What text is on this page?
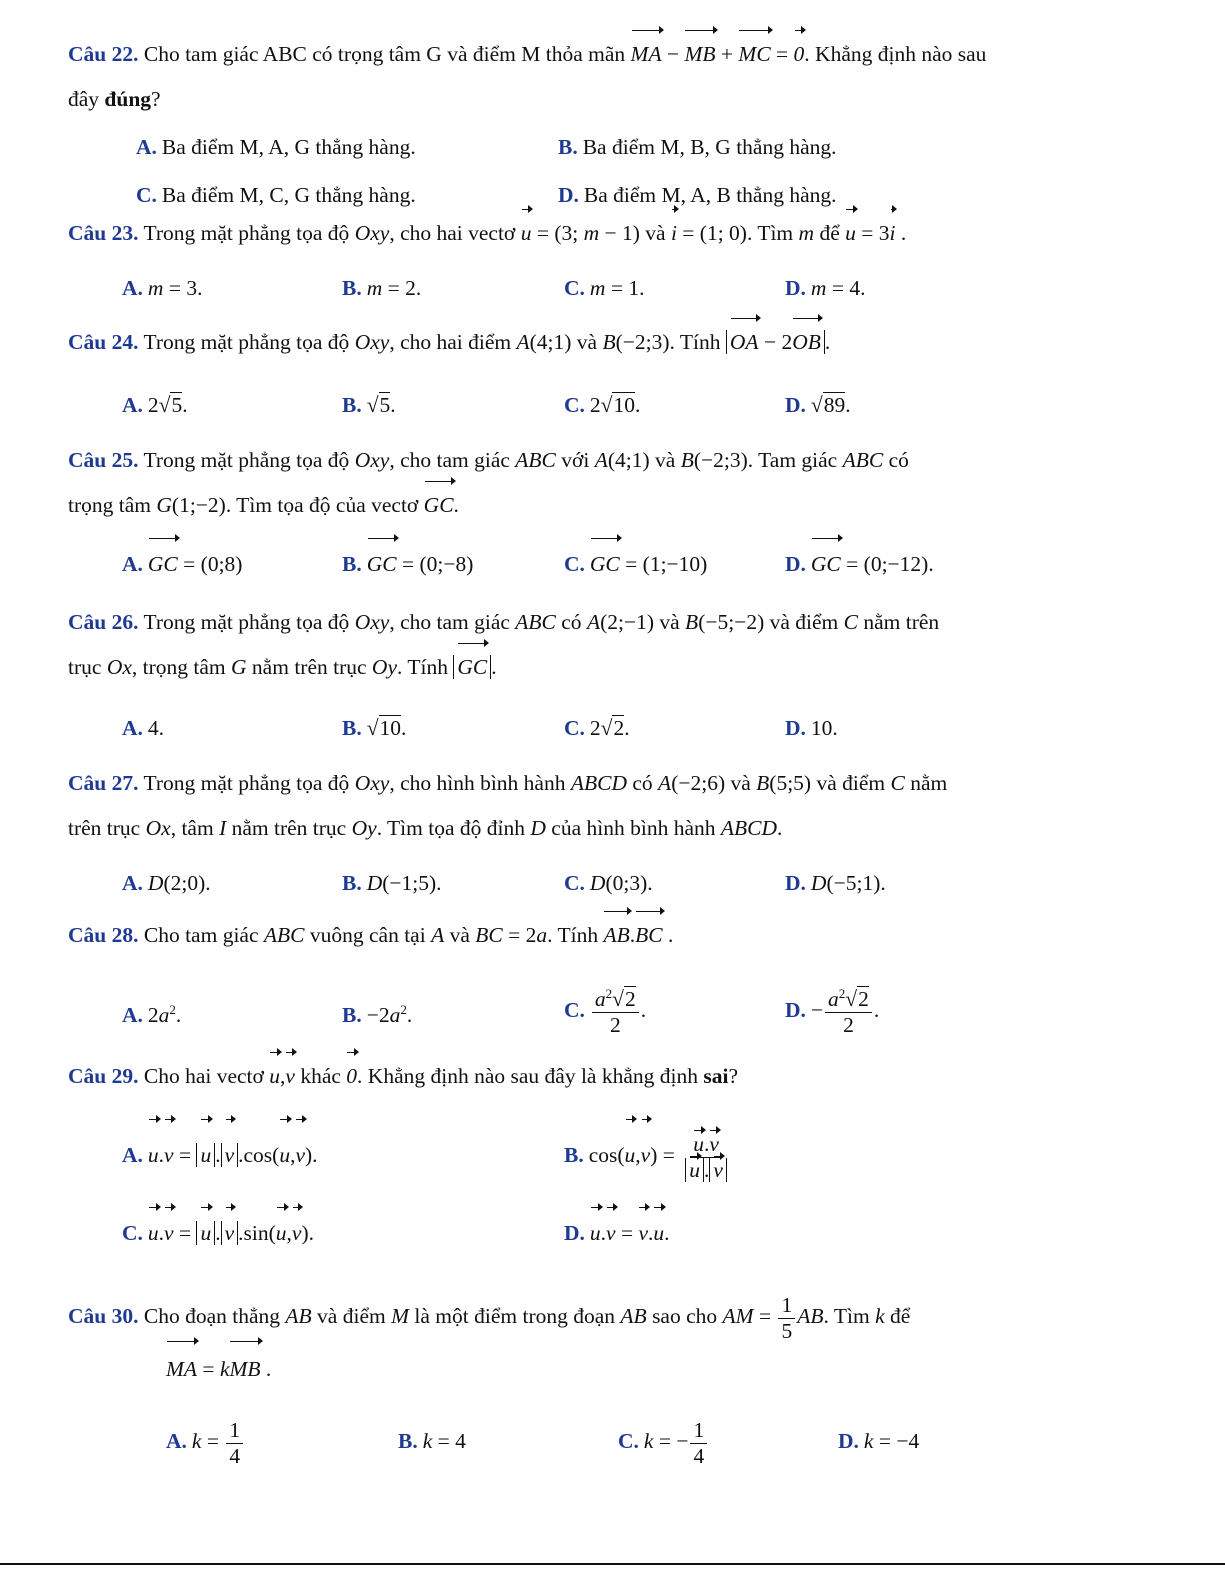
Câu 22. Cho tam giác ABC có trọng tâm G và điểm M thỏa mãn MA − MB + MC = 0. Khẳng định nào sau
đây đúng?
A. Ba điểm M, A, G thẳng hàng.	B. Ba điểm M, B, G thẳng hàng.
C. Ba điểm M, C, G thẳng hàng.	D. Ba điểm M, A, B thẳng hàng.
Câu 23. Trong mặt phẳng tọa độ Oxy, cho hai vectơ u = (3; m − 1) và i = (1; 0). Tìm m để u = 3i .
A. m = 3.	B. m = 2.	C. m = 1.	D. m = 4.
Câu 24. Trong mặt phẳng tọa độ Oxy, cho hai điểm A(4;1) và B(−2;3). Tính OA − 2OB .
A. 2√5.	B. √5.	C. 2√10.	D. √89.
Câu 25. Trong mặt phẳng tọa độ Oxy, cho tam giác ABC với A(4;1) và B(−2;3). Tam giác ABC có
trọng tâm G(1;−2). Tìm tọa độ của vectơ GC.
A. GC = (0;8)	B. GC = (0;−8)	C. GC = (1;−10)	D. GC = (0;−12).
Câu 26. Trong mặt phẳng tọa độ Oxy, cho tam giác ABC có A(2;−1) và B(−5;−2) và điểm C nằm trên
trục Ox, trọng tâm G nằm trên trục Oy. Tính GC .
A. 4.	B. √10.	C. 2√2.	D. 10.
Câu 27. Trong mặt phẳng tọa độ Oxy, cho hình bình hành ABCD có A(−2;6) và B(5;5) và điểm C nằm
trên trục Ox, tâm I nằm trên trục Oy. Tìm tọa độ đỉnh D của hình bình hành ABCD.
A. D(2;0).	B. D(−1;5).	C. D(0;3).	D. D(−5;1).
Câu 28. Cho tam giác ABC vuông cân tại A và BC = 2a. Tính AB.BC .
A. $2a^2$.	B. $-2a^2$.	C. $\frac{a^2√2}{2}$ .	D. − $\frac{a^2√2}{2}$ .
Câu 29. Cho hai vectơ u,v khác 0. Khẳng định nào sau đây là khẳng định sai?
A. u.v = u . v .cos(u,v).	B. $\cos(u,v) = \frac{u.v}{u . v}$
C. u.v = u . v .sin(u,v).	D. u.v = v.u.
Câu 30. Cho đoạn thẳng AB và điểm M là một điểm trong đoạn AB sao cho AM = $\frac{1}{5}$ AB. Tìm k để
MA = kMB .
A. $k = \frac{1}{4}$	B. k = 4	C. k = − $\frac{1}{4}$	D. k = −4
